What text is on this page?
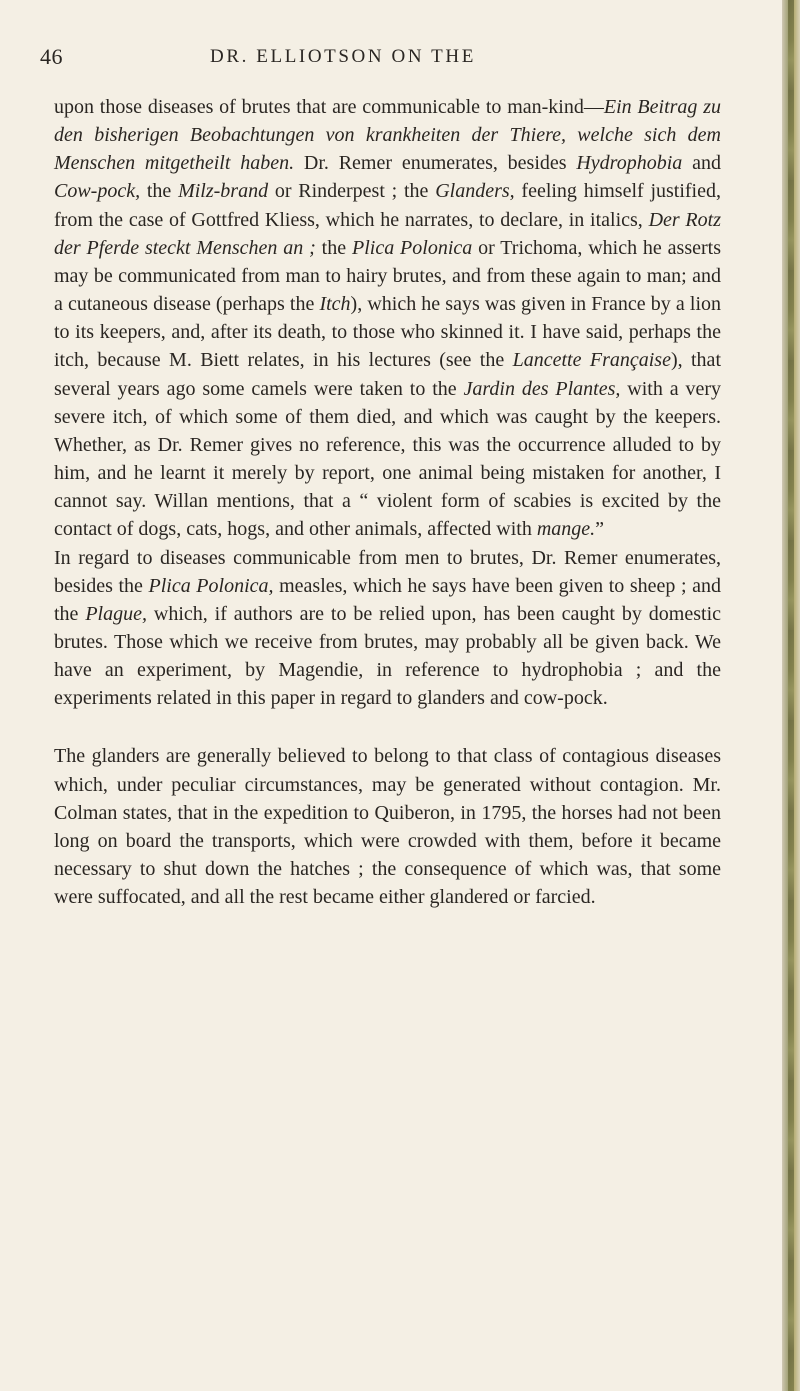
46	DR. ELLIOTSON ON THE

upon those diseases of brutes that are communicable to man-kind—Ein Beitrag zu den bisherigen Beobachtungen von krankheiten der Thiere, welche sich dem Menschen mitgetheilt haben. Dr. Remer enumerates, besides Hydrophobia and Cow-pock, the Milz-brand or Rinderpest ; the Glanders, feeling himself justified, from the case of Gottfred Kliess, which he narrates, to declare, in italics, Der Rotz der Pferde steckt Menschen an ; the Plica Polonica or Trichoma, which he asserts may be communicated from man to hairy brutes, and from these again to man; and a cutaneous disease (perhaps the Itch), which he says was given in France by a lion to its keepers, and, after its death, to those who skinned it. I have said, perhaps the itch, because M. Biett relates, in his lectures (see the Lancette Française), that several years ago some camels were taken to the Jardin des Plantes, with a very severe itch, of which some of them died, and which was caught by the keepers. Whether, as Dr. Remer gives no reference, this was the occurrence alluded to by him, and he learnt it merely by report, one animal being mistaken for another, I cannot say. Willan mentions, that a “ violent form of scabies is excited by the contact of dogs, cats, hogs, and other animals, affected with mange.”

In regard to diseases communicable from men to brutes, Dr. Remer enumerates, besides the Plica Polonica, measles, which he says have been given to sheep ; and the Plague, which, if authors are to be relied upon, has been caught by domestic brutes. Those which we receive from brutes, may probably all be given back. We have an experiment, by Magendie, in reference to hydrophobia ; and the experiments related in this paper in regard to glanders and cow-pock.

The glanders are generally believed to belong to that class of contagious diseases which, under peculiar circumstances, may be generated without contagion. Mr. Colman states, that in the expedition to Quiberon, in 1795, the horses had not been long on board the transports, which were crowded with them, before it became necessary to shut down the hatches ; the consequence of which was, that some were suffocated, and all the rest became either glandered or farcied.
